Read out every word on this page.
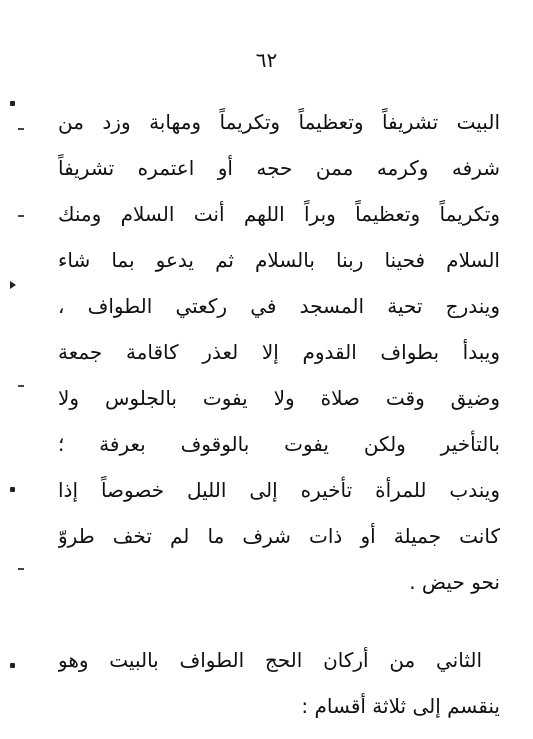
٦٢
البيت تشريفاً وتعظيماً وتكريماً ومهابة وزد من
شرفه وكرمه ممن حجه أو اعتمره تشريفاً
وتكريماً وتعظيماً وبراً اللهم أنت السلام ومنك
السلام فحينا ربنا بالسلام ثم يدعو بما شاء
ويندرج تحية المسجد في ركعتي الطواف ،
ويبدأ بطواف القدوم إلا لعذر كاقامة جمعة
وضيق وقت صلاة ولا يفوت بالجلوس ولا
بالتأخير ولكن يفوت بالوقوف بعرفة ؛
ويندب للمرأة تأخيره إلى الليل خصوصاً إذا
كانت جميلة أو ذات شرف ما لم تخف طروّ
نحو حيض .
الثاني من أركان الحج الطواف بالبيت وهو
ينقسم إلى ثلاثة أقسام :
